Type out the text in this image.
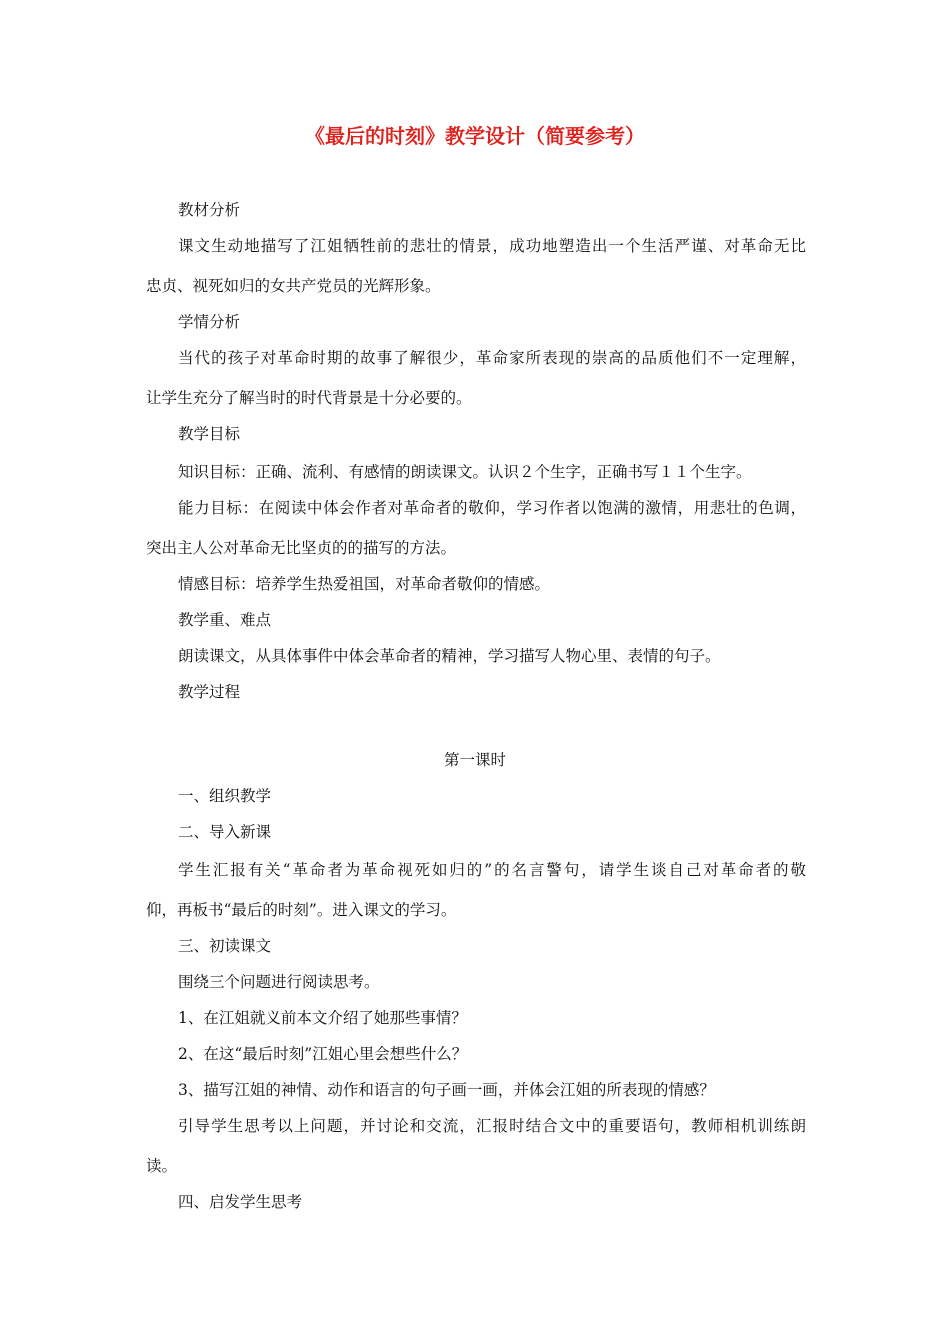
《最后的时刻》教学设计（简要参考）

教材分析

课文生动地描写了江姐牺牲前的悲壮的情景，成功地塑造出一个生活严谨、对革命无比

忠贞、视死如归的女共产党员的光辉形象。

学情分析

当代的孩子对革命时期的故事了解很少，革命家所表现的崇高的品质他们不一定理解，

让学生充分了解当时的时代背景是十分必要的。

教学目标

知识目标：正确、流利、有感情的朗读课文。认识２个生字，正确书写１１个生字。

能力目标：在阅读中体会作者对革命者的敬仰，学习作者以饱满的激情，用悲壮的色调，

突出主人公对革命无比坚贞的的描写的方法。

情感目标：培养学生热爱祖国，对革命者敬仰的情感。

教学重、难点

朗读课文，从具体事件中体会革命者的精神，学习描写人物心里、表情的句子。

教学过程

第一课时

一、组织教学

二、导入新课

学生汇报有关“革命者为革命视死如归的”的名言警句，请学生谈自己对革命者的敬

仰，再板书“最后的时刻”。进入课文的学习。

三、初读课文

围绕三个问题进行阅读思考。

1、在江姐就义前本文介绍了她那些事情？

2、在这“最后时刻”江姐心里会想些什么？

3、描写江姐的神情、动作和语言的句子画一画，并体会江姐的所表现的情感？

引导学生思考以上问题，并讨论和交流，汇报时结合文中的重要语句，教师相机训练朗

读。

四、启发学生思考
